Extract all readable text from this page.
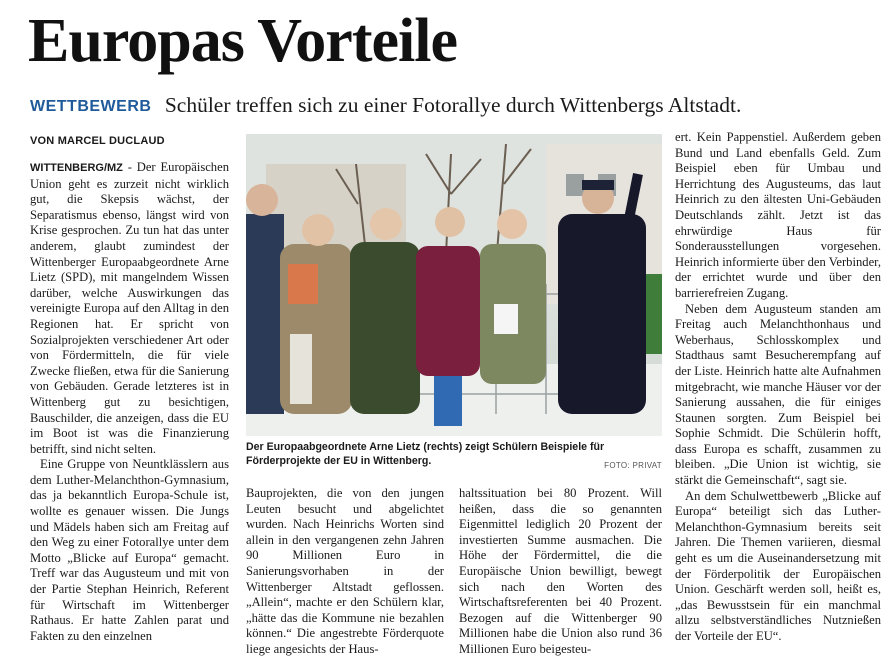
Europas Vorteile
WETTBEWERB Schüler treffen sich zu einer Fotorallye durch Wittenbergs Altstadt.
VON MARCEL DUCLAUD

WITTENBERG/MZ - Der Europäischen Union geht es zurzeit nicht wirklich gut, die Skepsis wächst, der Separatismus ebenso, längst wird von Krise gesprochen. Zu tun hat das unter anderem, glaubt zumindest der Wittenberger Europaabgeordnete Arne Lietz (SPD), mit mangelndem Wissen darüber, welche Auswirkungen das vereinigte Europa auf den Alltag in den Regionen hat. Er spricht von Sozialprojekten verschiedener Art oder von Fördermitteln, die für viele Zwecke fließen, etwa für die Sanierung von Gebäuden. Gerade letzteres ist in Wittenberg gut zu besichtigen, Bauschilder, die anzeigen, dass die EU im Boot ist was die Finanzierung betrifft, sind nicht selten.

Eine Gruppe von Neuntklässlern aus dem Luther-Melanchthon-Gymnasium, das ja bekanntlich Europa-Schule ist, wollte es genauer wissen. Die Jungs und Mädels haben sich am Freitag auf den Weg zu einer Fotorallye unter dem Motto „Blicke auf Europa“ gemacht. Treff war das Augusteum und mit von der Partie Stephan Heinrich, Referent für Wirtschaft im Wittenberger Rathaus. Er hatte Zahlen parat und Fakten zu den einzelnen

Der Europaabgeordnete Arne Lietz (rechts) zeigt Schülern Beispiele für Förderprojekte der EU in Wittenberg.	FOTO: PRIVAT

Bauprojekten, die von den jungen Leuten besucht und abgelichtet wurden. Nach Heinrichs Worten sind allein in den vergangenen zehn Jahren 90 Millionen Euro in Sanierungsvorhaben in der Wittenberger Altstadt geflossen. „Allein“, machte er den Schülern klar, „hätte das die Kommune nie bezahlen können.“ Die angestrebte Förderquote liege angesichts der Haus-

haltssituation bei 80 Prozent. Will heißen, dass die so genannten Eigenmittel lediglich 20 Prozent der investierten Summe ausmachen. Die Höhe der Fördermittel, die die Europäische Union bewilligt, bewegt sich nach den Worten des Wirtschaftsreferenten bei 40 Prozent. Bezogen auf die Wittenberger 90 Millionen habe die Union also rund 36 Millionen Euro beigesteu-

ert. Kein Pappenstiel. Außerdem geben Bund und Land ebenfalls Geld. Zum Beispiel eben für Umbau und Herrichtung des Augusteums, das laut Heinrich zu den ältesten Uni-Gebäuden Deutschlands zählt. Jetzt ist das ehrwürdige Haus für Sonderausstellungen vorgesehen. Heinrich informierte über den Verbinder, der errichtet wurde und über den barrierefreien Zugang.

Neben dem Augusteum standen am Freitag auch Melanchthonhaus und Weberhaus, Schlosskomplex und Stadthaus samt Besucherempfang auf der Liste. Heinrich hatte alte Aufnahmen mitgebracht, wie manche Häuser vor der Sanierung aussahen, die für einiges Staunen sorgten. Zum Beispiel bei Sophie Schmidt. Die Schülerin hofft, dass Europa es schafft, zusammen zu bleiben. „Die Union ist wichtig, sie stärkt die Gemeinschaft“, sagt sie.

An dem Schulwettbewerb „Blicke auf Europa“ beteiligt sich das Luther-Melanchthon-Gymnasium bereits seit Jahren. Die Themen variieren, diesmal geht es um die Auseinandersetzung mit der Förderpolitik der Europäischen Union. Geschärft werden soll, heißt es, „das Bewusstsein für ein manchmal allzu selbstverständliches Nutznießen der Vorteile der EU“.
